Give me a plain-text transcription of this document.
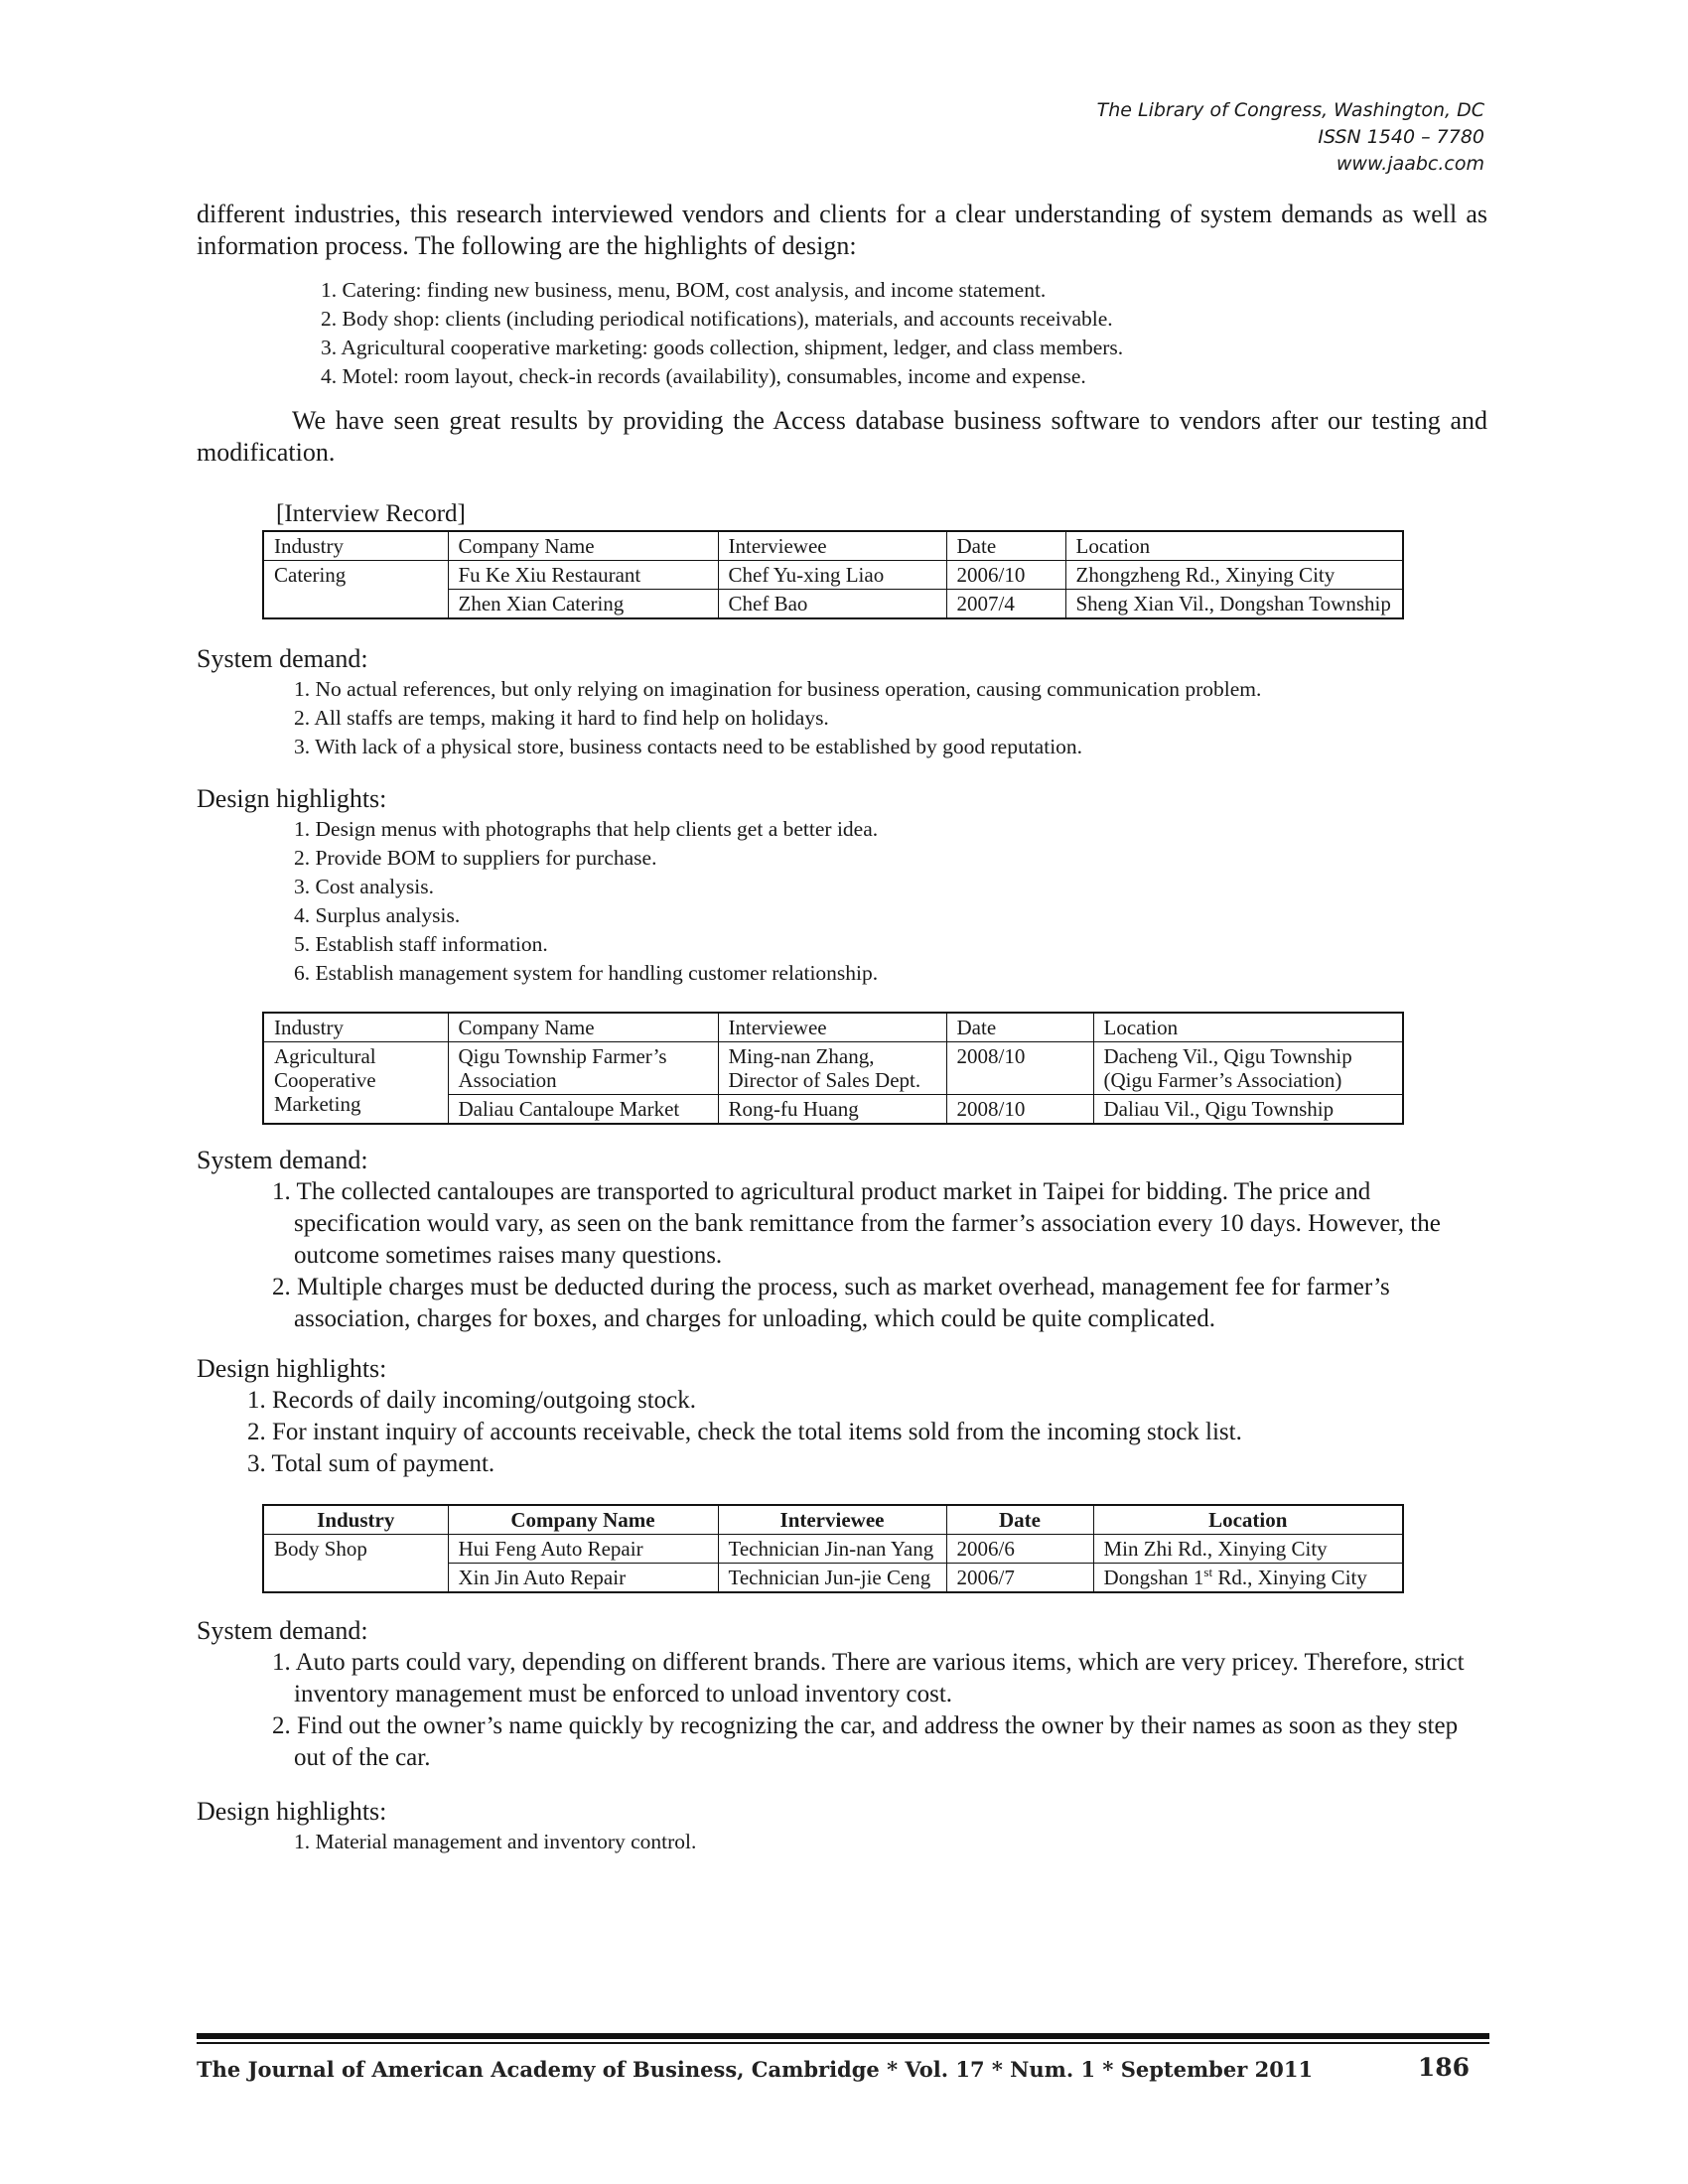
The Library of Congress, Washington, DC
ISSN 1540 – 7780
www.jaabc.com

different industries, this research interviewed vendors and clients for a clear understanding of system demands as well as information process. The following are the highlights of design:

1. Catering: finding new business, menu, BOM, cost analysis, and income statement.
2. Body shop: clients (including periodical notifications), materials, and accounts receivable.
3. Agricultural cooperative marketing: goods collection, shipment, ledger, and class members.
4. Motel: room layout, check-in records (availability), consumables, income and expense.

We have seen great results by providing the Access database business software to vendors after our testing and modification.

[Interview Record]
Industry	Company Name	Interviewee	Date	Location
Catering	Fu Ke Xiu Restaurant	Chef Yu-xing Liao	2006/10	Zhongzheng Rd., Xinying City
	Zhen Xian Catering	Chef Bao	2007/4	Sheng Xian Vil., Dongshan Township

System demand:

1. No actual references, but only relying on imagination for business operation, causing communication problem.
2. All staffs are temps, making it hard to find help on holidays.
3. With lack of a physical store, business contacts need to be established by good reputation.

Design highlights:

1. Design menus with photographs that help clients get a better idea.
2. Provide BOM to suppliers for purchase.
3. Cost analysis.
4. Surplus analysis.
5. Establish staff information.
6. Establish management system for handling customer relationship.
Industry	Company Name	Interviewee	Date	Location
Agricultural Cooperative Marketing	Qigu Township Farmer’s Association	Ming-nan Zhang, Director of Sales Dept.	2008/10	Dacheng Vil., Qigu Township (Qigu Farmer’s Association)
	Daliau Cantaloupe Market	Rong-fu Huang	2008/10	Daliau Vil., Qigu Township

System demand:

1. The collected cantaloupes are transported to agricultural product market in Taipei for bidding. The price and specification would vary, as seen on the bank remittance from the farmer’s association every 10 days. However, the outcome sometimes raises many questions.
2. Multiple charges must be deducted during the process, such as market overhead, management fee for farmer’s association, charges for boxes, and charges for unloading, which could be quite complicated.

Design highlights:

1. Records of daily incoming/outgoing stock.
2. For instant inquiry of accounts receivable, check the total items sold from the incoming stock list.
3. Total sum of payment.
Industry	Company Name	Interviewee	Date	Location
Body Shop	Hui Feng Auto Repair	Technician Jin-nan Yang	2006/6	Min Zhi Rd., Xinying City
	Xin Jin Auto Repair	Technician Jun-jie Ceng	2006/7	Dongshan 1st Rd., Xinying City

System demand:

1. Auto parts could vary, depending on different brands. There are various items, which are very pricey. Therefore, strict inventory management must be enforced to unload inventory cost.
2. Find out the owner’s name quickly by recognizing the car, and address the owner by their names as soon as they step out of the car.

Design highlights:

1. Material management and inventory control.
The Journal of American Academy of Business, Cambridge * Vol. 17 * Num. 1 * September 2011	186
